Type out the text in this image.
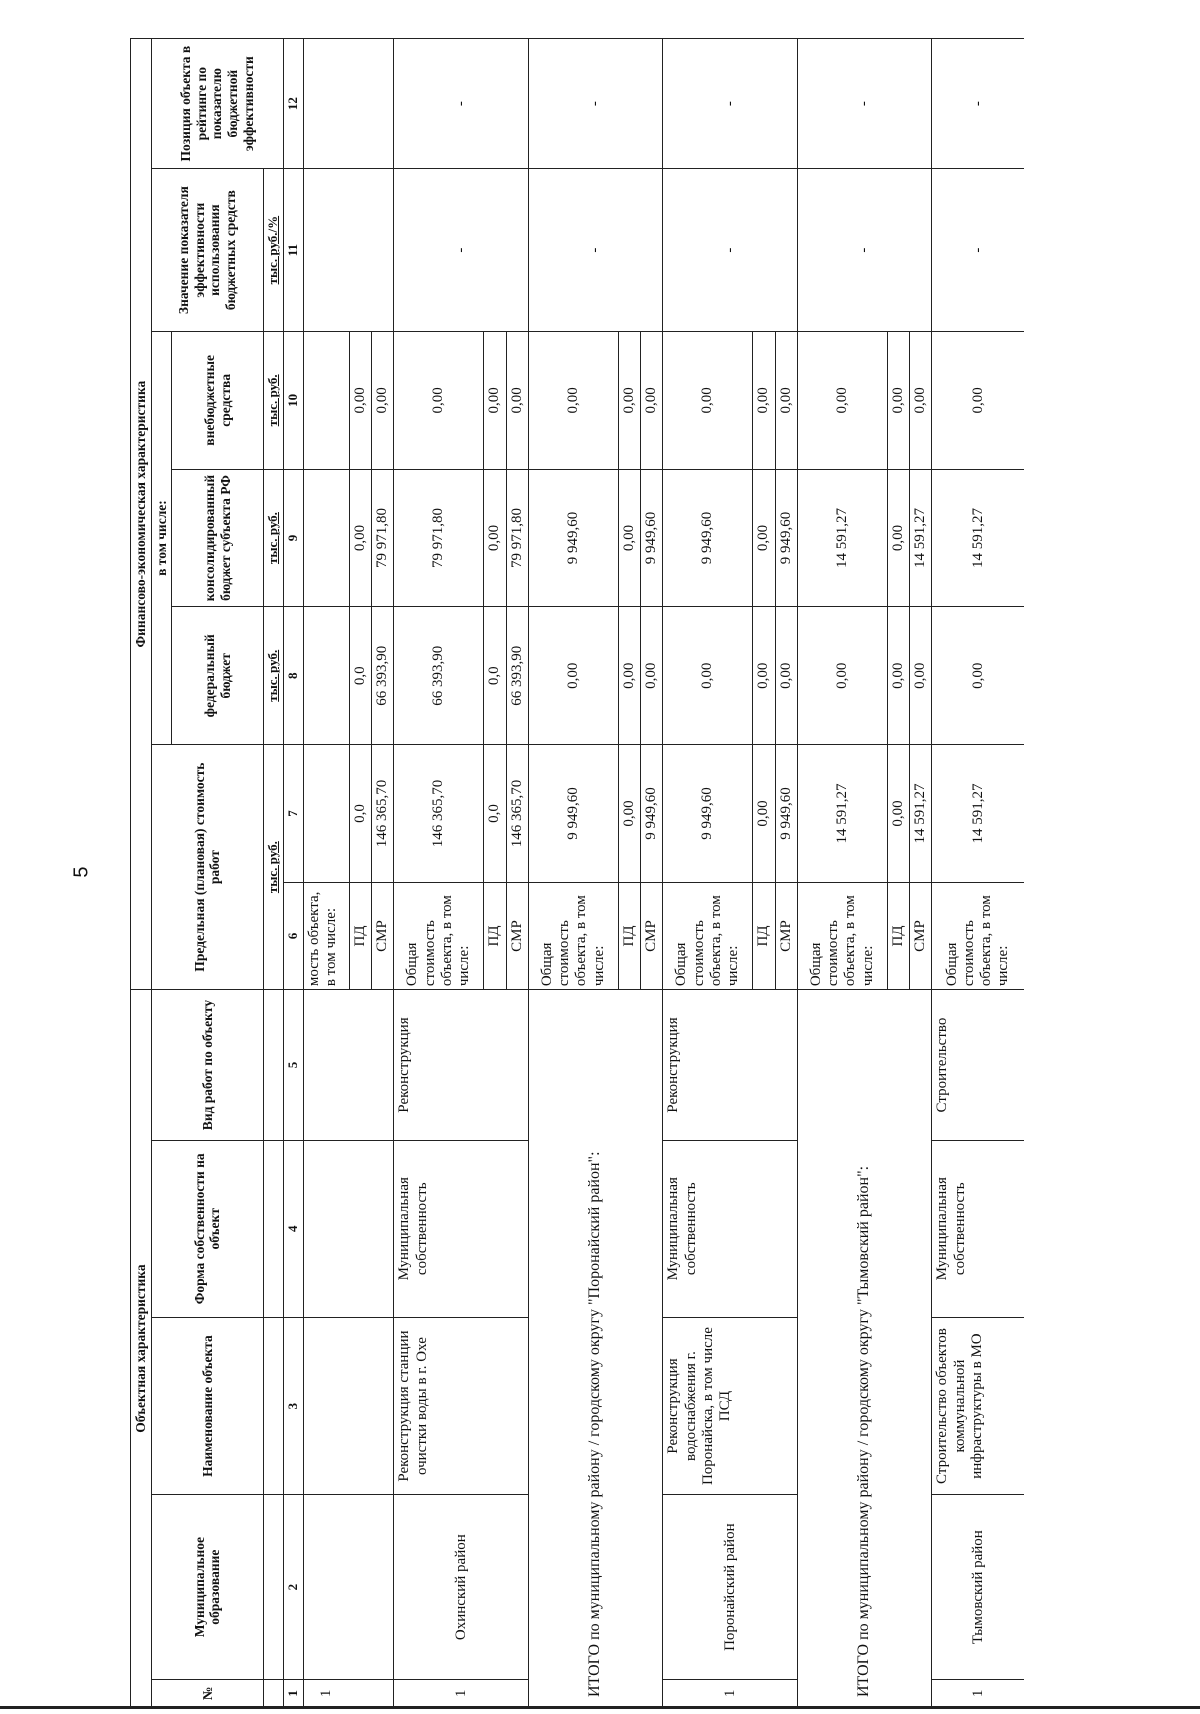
5
Объектная характеристика					Финансово-экономическая характеристика						
№	Муниципальное образование	Наименование объекта	Форма собственности на объект	Вид работ по объекту	Предельная (плановая) стоимость работ		в том числе:			Значение показателя эффективности использования бюджетных средств	Позиция объекта в рейтинге по показателю бюджетной эффективности
							федеральный бюджет	консолидированный бюджет субъекта РФ	внебюджетные средства		
					тыс. руб.		тыс. руб.	тыс. руб.	тыс. руб.	тыс. руб./%	
1	2	3	4	5	6	7	8	9	10	11	12
1					мость объекта, в том числе:						
					ПД	0,0	0,0	0,00	0,00		
					СМР	146 365,70	66 393,90	79 971,80	0,00		
1	Охинский район	Реконструкция станции очистки воды в г. Охе	Муниципальная собственность	Реконструкция	Общая стоимость объекта, в том числе:	146 365,70	66 393,90	79 971,80	0,00	-	-
					ПД	0,0	0,0	0,00	0,00		
					СМР	146 365,70	66 393,90	79 971,80	0,00		
ИТОГО по муниципальному району / городскому округу "Поронайский район":					Общая стоимость объекта, в том числе:	9 949,60	0,00	9 949,60	0,00	-	-
					ПД	0,00	0,00	0,00	0,00		
					СМР	9 949,60	0,00	9 949,60	0,00		
1	Поронайский район	Реконструкция водоснабжения г. Поронайска, в том числе ПСД	Муниципальная собственность	Реконструкция	Общая стоимость объекта, в том числе:	9 949,60	0,00	9 949,60	0,00	-	-
					ПД	0,00	0,00	0,00	0,00		
					СМР	9 949,60	0,00	9 949,60	0,00		
ИТОГО по муниципальному району / городскому округу "Тымовский район":					Общая стоимость объекта, в том числе:	14 591,27	0,00	14 591,27	0,00	-	-
					ПД	0,00	0,00	0,00	0,00		
					СМР	14 591,27	0,00	14 591,27	0,00		
1	Тымовский район	Строительство объектов коммунальной инфраструктуры в МО	Муниципальная собственность	Строительство	Общая стоимость объекта, в том числе:	14 591,27	0,00	14 591,27	0,00	-	-
